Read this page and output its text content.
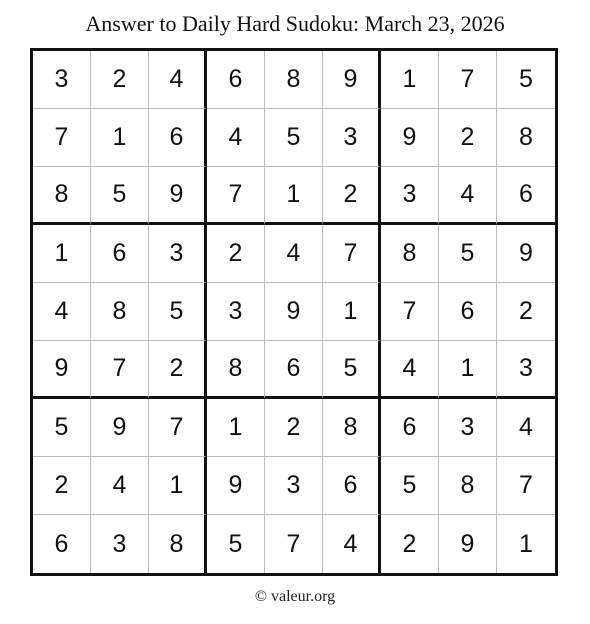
Answer to Daily Hard Sudoku: March 23, 2026
3	2	4	6	8	9	1	7	5
7	1	6	4	5	3	9	2	8
8	5	9	7	1	2	3	4	6
1	6	3	2	4	7	8	5	9
4	8	5	3	9	1	7	6	2
9	7	2	8	6	5	4	1	3
5	9	7	1	2	8	6	3	4
2	4	1	9	3	6	5	8	7
6	3	8	5	7	4	2	9	1
© valeur.org
